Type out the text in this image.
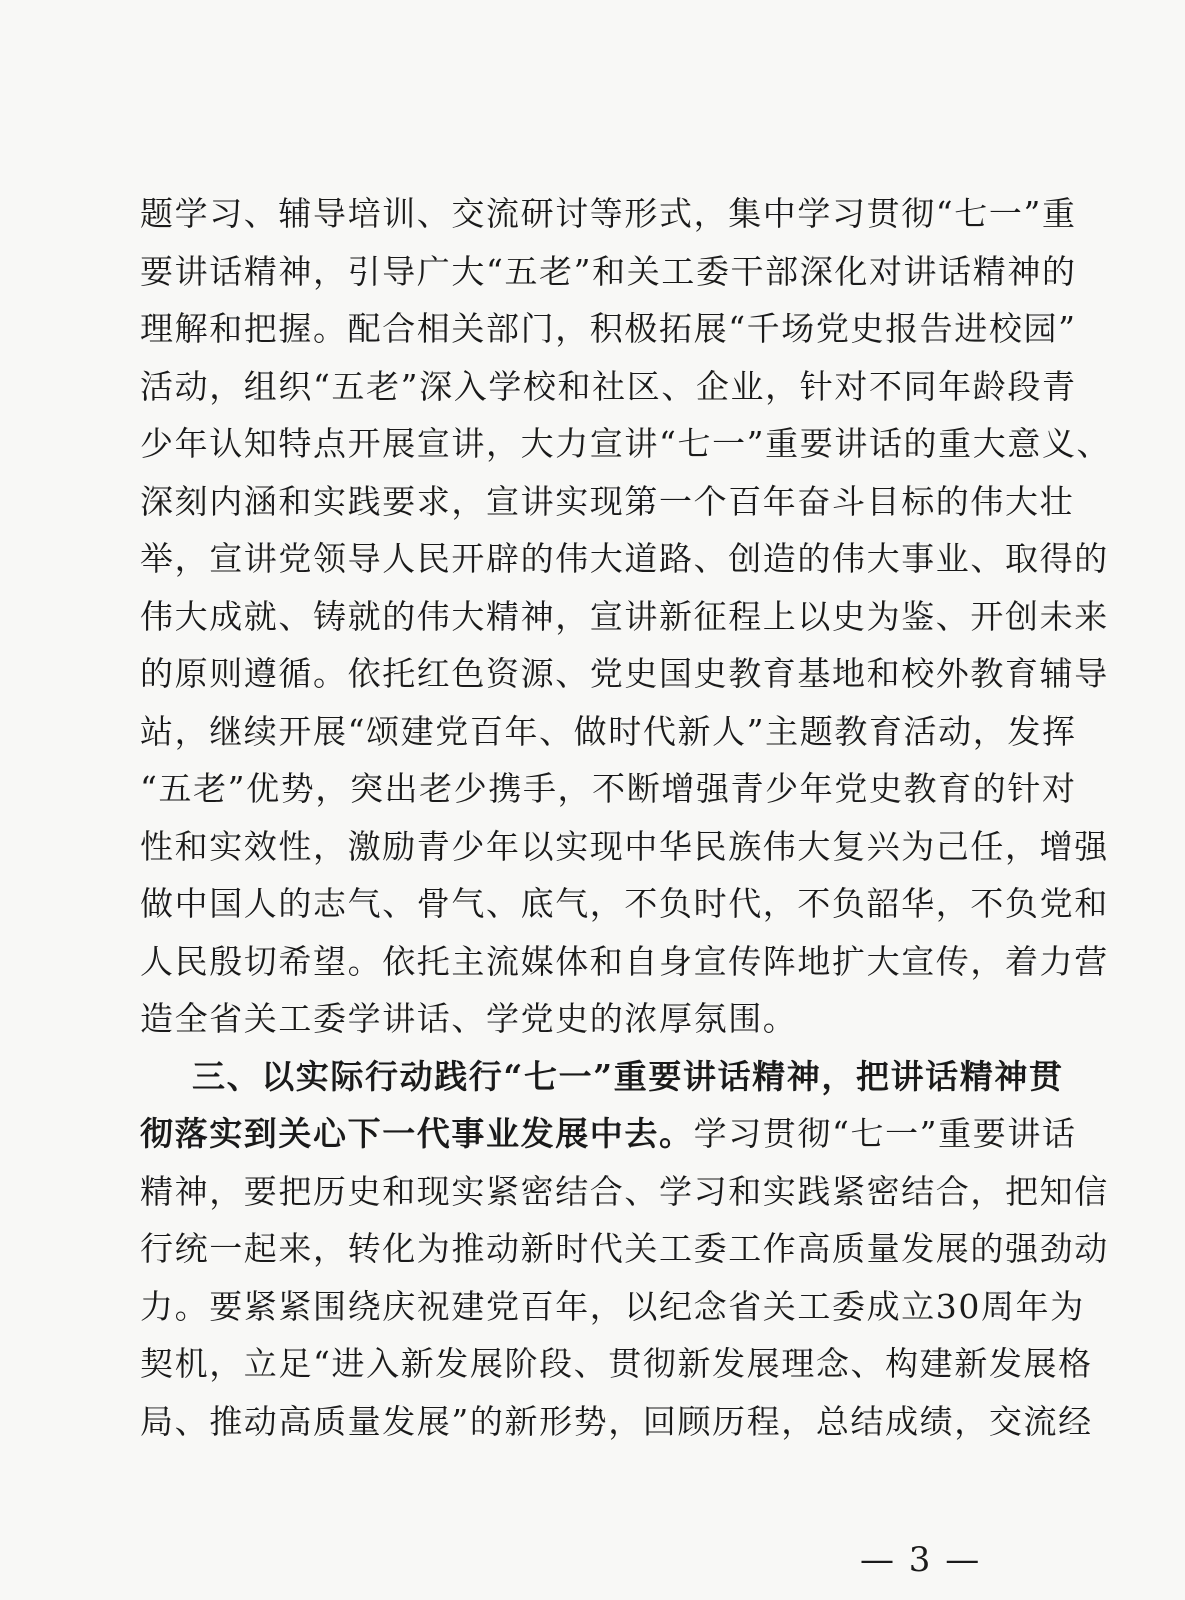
题学习、辅导培训、交流研讨等形式，集中学习贯彻“七一”重
要讲话精神，引导广大“五老”和关工委干部深化对讲话精神的
理解和把握。配合相关部门，积极拓展“千场党史报告进校园”
活动，组织“五老”深入学校和社区、企业，针对不同年龄段青
少年认知特点开展宣讲，大力宣讲“七一”重要讲话的重大意义、
深刻内涵和实践要求，宣讲实现第一个百年奋斗目标的伟大壮
举，宣讲党领导人民开辟的伟大道路、创造的伟大事业、取得的
伟大成就、铸就的伟大精神，宣讲新征程上以史为鉴、开创未来
的原则遵循。依托红色资源、党史国史教育基地和校外教育辅导
站，继续开展“颂建党百年、做时代新人”主题教育活动，发挥
“五老”优势，突出老少携手，不断增强青少年党史教育的针对
性和实效性，激励青少年以实现中华民族伟大复兴为己任，增强
做中国人的志气、骨气、底气，不负时代，不负韶华，不负党和
人民殷切希望。依托主流媒体和自身宣传阵地扩大宣传，着力营
造全省关工委学讲话、学党史的浓厚氛围。
三、以实际行动践行“七一”重要讲话精神，把讲话精神贯
彻落实到关心下一代事业发展中去。学习贯彻“七一”重要讲话
精神，要把历史和现实紧密结合、学习和实践紧密结合，把知信
行统一起来，转化为推动新时代关工委工作高质量发展的强劲动
力。要紧紧围绕庆祝建党百年，以纪念省关工委成立30周年为
契机，立足“进入新发展阶段、贯彻新发展理念、构建新发展格
局、推动高质量发展”的新形势，回顾历程，总结成绩，交流经
— 3 —
